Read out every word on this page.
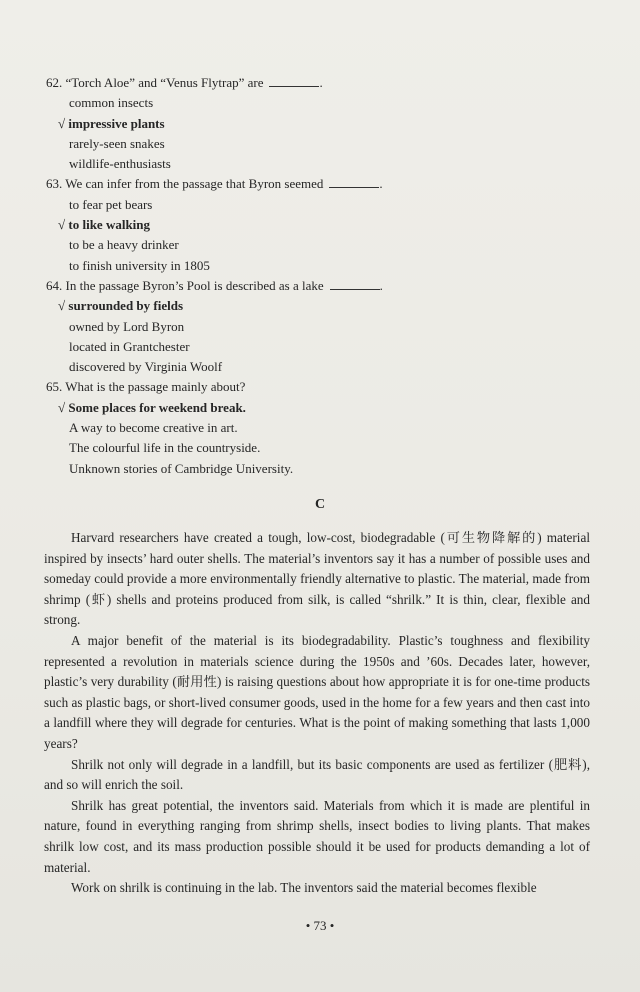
62. “Torch Aloe” and “Venus Flytrap” are	.
common insects
√ impressive plants
rarely-seen snakes
wildlife-enthusiasts
63. We can infer from the passage that Byron seemed	.
to fear pet bears
√ to like walking
to be a heavy drinker
to finish university in 1805
64. In the passage Byron’s Pool is described as a lake	.
√ surrounded by fields
owned by Lord Byron
located in Grantchester
discovered by Virginia Woolf
65. What is the passage mainly about?
√ Some places for weekend break.
A way to become creative in art.
The colourful life in the countryside.
Unknown stories of Cambridge University.
C

Harvard researchers have created a tough, low-cost, biodegradable (可生物降解的) material inspired by insects’ hard outer shells. The material’s inventors say it has a number of possible uses and someday could provide a more environmentally friendly alternative to plastic. The material, made from shrimp (虾) shells and proteins produced from silk, is called “shrilk.” It is thin, clear, flexible and strong.

A major benefit of the material is its biodegradability. Plastic’s toughness and flexibility represented a revolution in materials science during the 1950s and ’60s. Decades later, however, plastic’s very durability (耐用性) is raising questions about how appropriate it is for one-time products such as plastic bags, or short-lived consumer goods, used in the home for a few years and then cast into a landfill where they will degrade for centuries. What is the point of making something that lasts 1,000 years?

Shrilk not only will degrade in a landfill, but its basic components are used as fertilizer (肥料), and so will enrich the soil.

Shrilk has great potential, the inventors said. Materials from which it is made are plentiful in nature, found in everything ranging from shrimp shells, insect bodies to living plants. That makes shrilk low cost, and its mass production possible should it be used for products demanding a lot of material.

Work on shrilk is continuing in the lab. The inventors said the material becomes flexible

• 73 •
